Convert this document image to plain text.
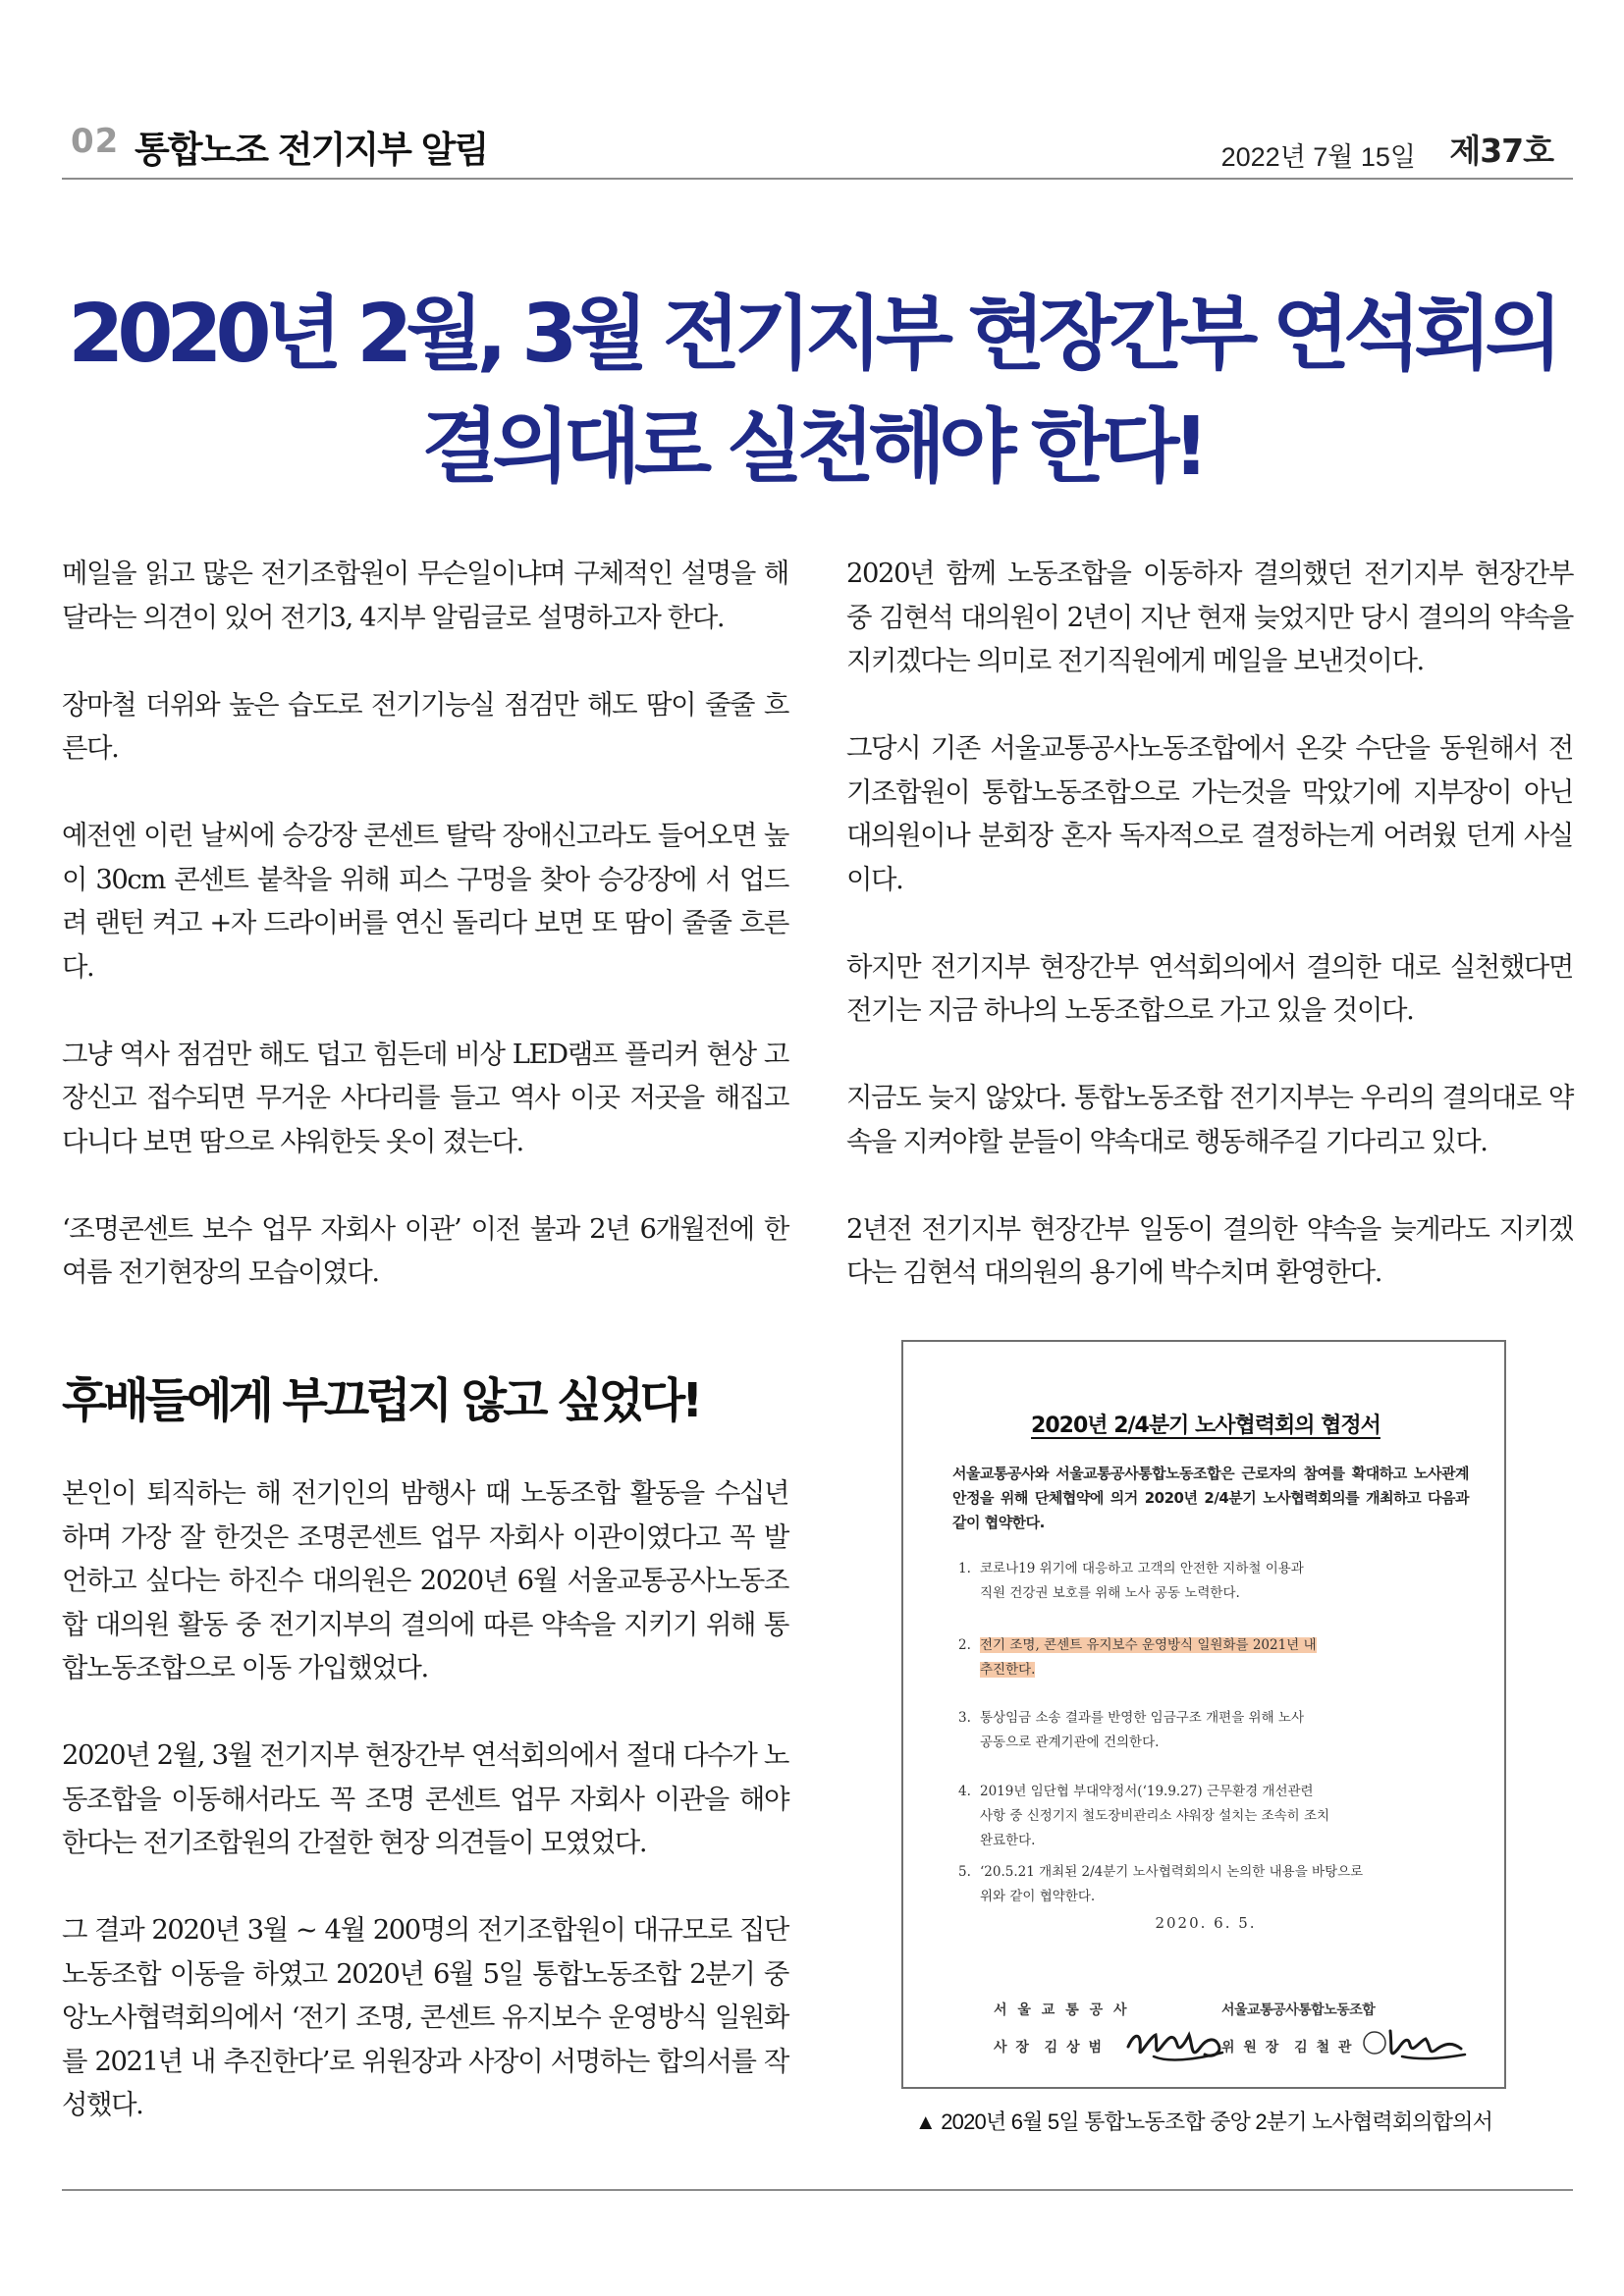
02 통합노조 전기지부 알림	2022년 7월 15일 제37호
2020년 2월, 3월 전기지부 현장간부 연석회의
결의대로 실천해야 한다!

메일을 읽고 많은 전기조합원이 무슨일이냐며 구체적인 설명을 해달라는 의견이 있어 전기3, 4지부 알림글로 설명하고자 한다.

장마철 더위와 높은 습도로 전기기능실 점검만 해도 땀이 줄줄 흐른다.

예전엔 이런 날씨에 승강장 콘센트 탈락 장애신고라도 들어오면 높이 30cm 콘센트 붙착을 위해 피스 구멍을 찾아 승강장에 서 업드려 랜턴 켜고 +자 드라이버를 연신 돌리다 보면 또 땀이 줄줄 흐른다.

그냥 역사 점검만 해도 덥고 힘든데 비상 LED램프 플리커 현상 고장신고 접수되면 무거운 사다리를 들고 역사 이곳 저곳을 해집고 다니다 보면 땀으로 샤워한듯 옷이 졌는다.

‘조명콘센트 보수 업무 자회사 이관’ 이전 불과 2년 6개월전에 한 여름 전기현장의 모습이였다.

2020년 함께 노동조합을 이동하자 결의했던 전기지부 현장간부 중 김현석 대의원이 2년이 지난 현재 늦었지만 당시 결의의 약속을 지키겠다는 의미로 전기직원에게 메일을 보낸것이다.

그당시 기존 서울교통공사노동조합에서 온갖 수단을 동원해서 전기조합원이 통합노동조합으로 가는것을 막았기에 지부장이 아닌 대의원이나 분회장 혼자 독자적으로 결정하는게 어려웠 던게 사실이다.

하지만 전기지부 현장간부 연석회의에서 결의한 대로 실천했다면 전기는 지금 하나의 노동조합으로 가고 있을 것이다.

지금도 늦지 않았다. 통합노동조합 전기지부는 우리의 결의대로 약속을 지켜야할 분들이 약속대로 행동해주길 기다리고 있다.

2년전 전기지부 현장간부 일동이 결의한 약속을 늦게라도 지키겠다는 김현석 대의원의 용기에 박수치며 환영한다.

후배들에게 부끄럽지 않고 싶었다!

본인이 퇴직하는 해 전기인의 밤행사 때 노동조합 활동을 수십년 하며 가장 잘 한것은 조명콘센트 업무 자회사 이관이였다고 꼭 발언하고 싶다는 하진수 대의원은 2020년 6월 서울교통공사노동조합 대의원 활동 중 전기지부의 결의에 따른 약속을 지키기 위해 통합노동조합으로 이동 가입했었다.

2020년 2월, 3월 전기지부 현장간부 연석회의에서 절대 다수가 노동조합을 이동해서라도 꼭 조명 콘센트 업무 자회사 이관을 해야 한다는 전기조합원의 간절한 현장 의견들이 모였었다.

그 결과 2020년 3월 ~ 4월 200명의 전기조합원이 대규모로 집단 노동조합 이동을 하였고 2020년 6월 5일 통합노동조합 2분기 중앙노사협력회의에서 ‘전기 조명, 콘센트 유지보수 운영방식 일원화를 2021년 내 추진한다’로 위원장과 사장이 서명하는 합의서를 작성했다.

2020년 2/4분기 노사협력회의 협정서
서울교통공사와 서울교통공사통합노동조합은 근로자의 참여를 확대하고 노사관계 안정을 위해 단체협약에 의거 2020년 2/4분기 노사협력회의를 개최하고 다음과 같이 협약한다.
1. 코로나19 위기에 대응하고 고객의 안전한 지하철 이용과
직원 건강권 보호를 위해 노사 공동 노력한다.
2. 전기 조명, 콘센트 유지보수 운영방식 일원화를 2021년 내
추진한다.
3. 통상임금 소송 결과를 반영한 임금구조 개편을 위해 노사
공동으로 관계기관에 건의한다.
4. 2019년 임단협 부대약정서(‘19.9.27) 근무환경 개선관련
사항 중 신정기지 철도장비관리소 샤워장 설치는 조속히 조치
완료한다.
5. ‘20.5.21 개최된 2/4분기 노사협력회의시 논의한 내용을 바탕으로
위와 같이 협약한다.
2020. 6. 5.
서 울 교 통 공 사	서울교통공사통합노동조합
사 장  김 상 범	위 원 장  김 철 관
▲ 2020년 6월 5일 통합노동조합 중앙 2분기 노사협력회의합의서
